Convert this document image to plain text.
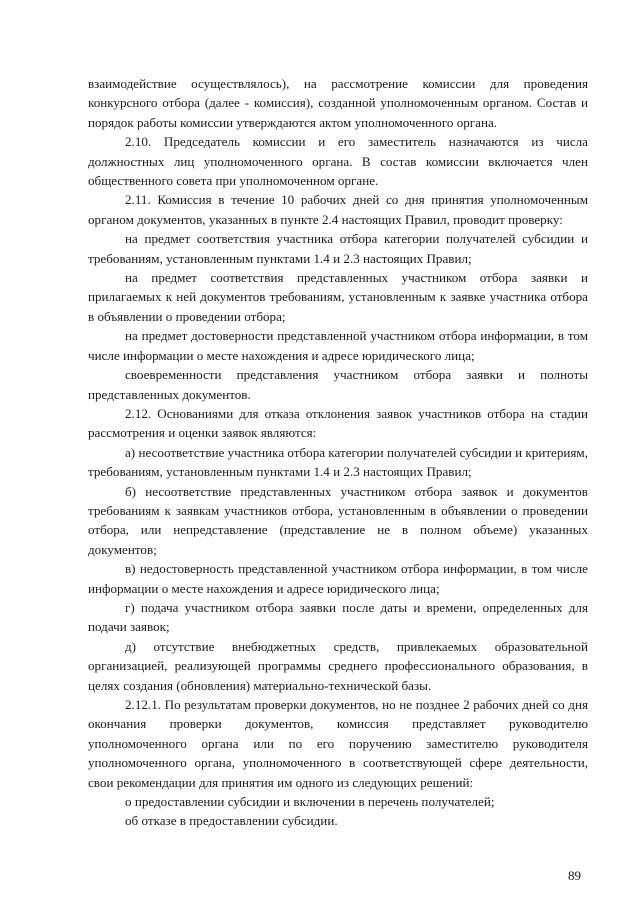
взаимодействие осуществлялось), на рассмотрение комиссии для проведения конкурсного отбора (далее - комиссия), созданной уполномоченным органом. Состав и порядок работы комиссии утверждаются актом уполномоченного органа.

2.10. Председатель комиссии и его заместитель назначаются из числа должностных лиц уполномоченного органа. В состав комиссии включается член общественного совета при уполномоченном органе.

2.11. Комиссия в течение 10 рабочих дней со дня принятия уполномоченным органом документов, указанных в пункте 2.4 настоящих Правил, проводит проверку:

на предмет соответствия участника отбора категории получателей субсидии и требованиям, установленным пунктами 1.4 и 2.3 настоящих Правил;

на предмет соответствия представленных участником отбора заявки и прилагаемых к ней документов требованиям, установленным к заявке участника отбора в объявлении о проведении отбора;

на предмет достоверности представленной участником отбора информации, в том числе информации о месте нахождения и адресе юридического лица;

своевременности представления участником отбора заявки и полноты представленных документов.

2.12. Основаниями для отказа отклонения заявок участников отбора на стадии рассмотрения и оценки заявок являются:

а) несоответствие участника отбора категории получателей субсидии и критериям, требованиям, установленным пунктами 1.4 и 2.3 настоящих Правил;

б) несоответствие представленных участником отбора заявок и документов требованиям к заявкам участников отбора, установленным в объявлении о проведении отбора, или непредставление (представление не в полном объеме) указанных документов;

в) недостоверность представленной участником отбора информации, в том числе информации о месте нахождения и адресе юридического лица;

г) подача участником отбора заявки после даты и времени, определенных для подачи заявок;

д) отсутствие внебюджетных средств, привлекаемых образовательной организацией, реализующей программы среднего профессионального образования, в целях создания (обновления) материально-технической базы.

2.12.1. По результатам проверки документов, но не позднее 2 рабочих дней со дня окончания проверки документов, комиссия представляет руководителю уполномоченного органа или по его поручению заместителю руководителя уполномоченного органа, уполномоченного в соответствующей сфере деятельности, свои рекомендации для принятия им одного из следующих решений:

о предоставлении субсидии и включении в перечень получателей;

об отказе в предоставлении субсидии.

89
